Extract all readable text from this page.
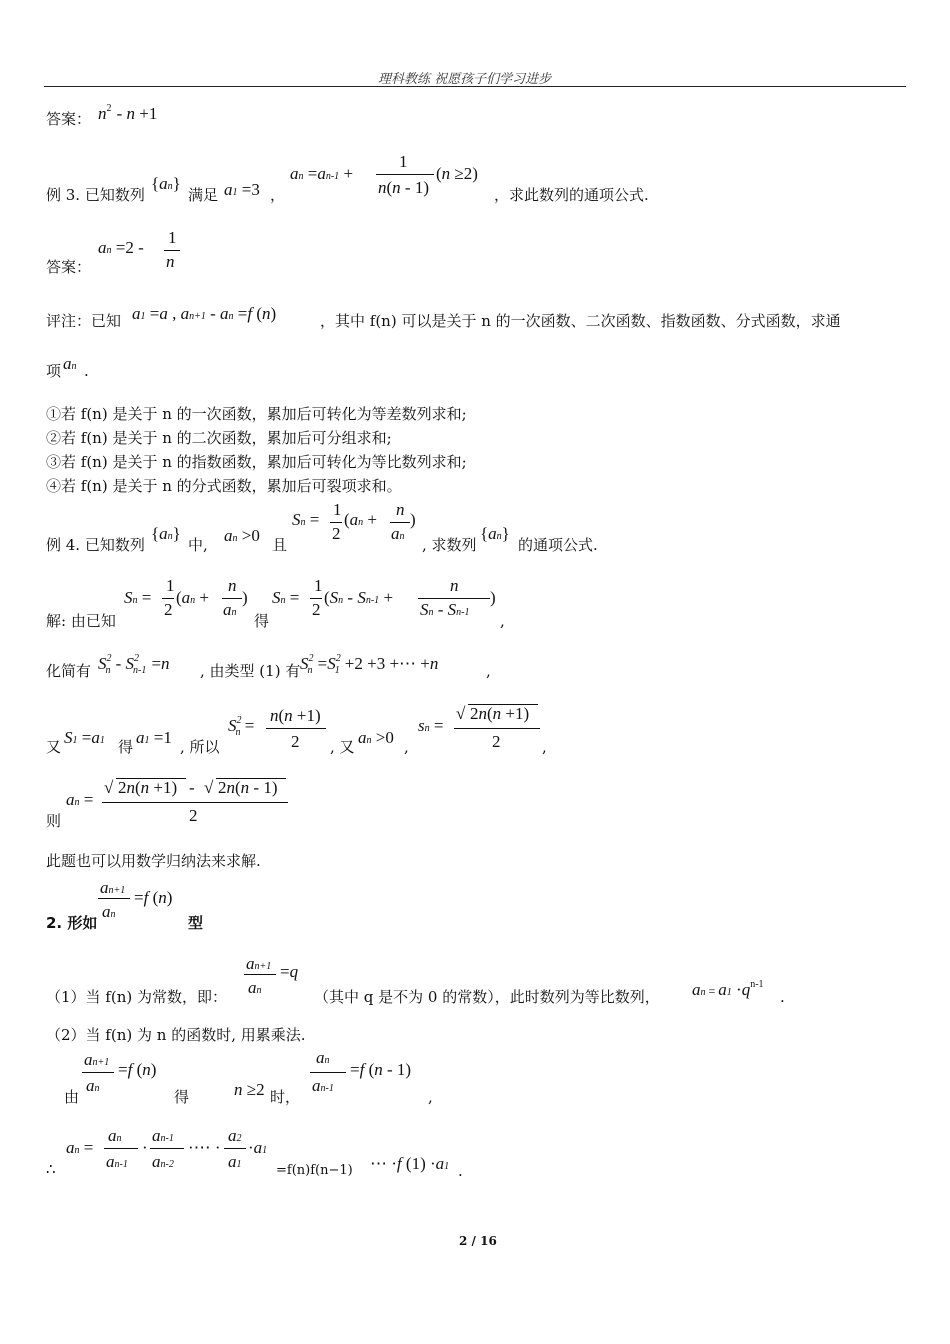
理科教练 祝愿孩子们学习进步
答案： $n^2 - n +1$
例 3. 已知数列
{an}
满足 a1 =3 ，
an =an-1 +
1
n(n - 1)
(n ≥2)
，求此数列的通项公式.
答案：
an =2 -
1
n
评注：已知 a1 =a , an+1 - an =f (n)	，其中 f(n) 可以是关于 n 的一次函数、二次函数、指数函数、分式函数，求通
项 an .
①若 f(n) 是关于 n 的一次函数，累加后可转化为等差数列求和;
②若 f(n) 是关于 n 的二次函数，累加后可分组求和;
③若 f(n) 是关于 n 的指数函数，累加后可转化为等比数列求和;
④若 f(n) 是关于 n 的分式函数，累加后可裂项求和。
例 4. 已知数列
{an}
中, an >0 且
Sn =
1
2
(an +
n
an
)
, 求数列
{an}
的通项公式.
解: 由已知
Sn =
1
2
(an +
n
an
)
得
Sn =
1
2
(Sn - Sn-1 +
n
Sn - Sn-1
)
,
化简有 $S^2_n - S^2_{n-1} =n$ , 由类型 (1) 有 $S^2_n =S^2_1 +2 +3$ +⋯ +n	,
又 S1 =a1 得 a1 =1 , 所以
$S^2_n$ =
n(n +1)
2 , 又 an >0 ,
sn =
√ 2n(n +1)
2	,
则
an =
√ 2n(n +1) - √ 2n(n - 1)
2
此题也可以用数学归纳法来求解.
2. 形如
an+1
an
=f (n)
型
（1）当 f(n) 为常数，即：
an+1
an
=q
（其中 q 是不为 0 的常数），此时数列为等比数列， an = $a1 \cdot q^{n-1}$
.
（2）当 f(n) 为 n 的函数时, 用累乘法.
由
an+1
an
=f (n)
得	n ≥2 时，
an
an-1
=f (n - 1)
,
∴
an =
an
an-1
·
an-1
an-2
·⋯ ·
a2
a1
·a1
=f(n)f(n−1) ⋯ ·f (1) ·a1 .
2 / 16
